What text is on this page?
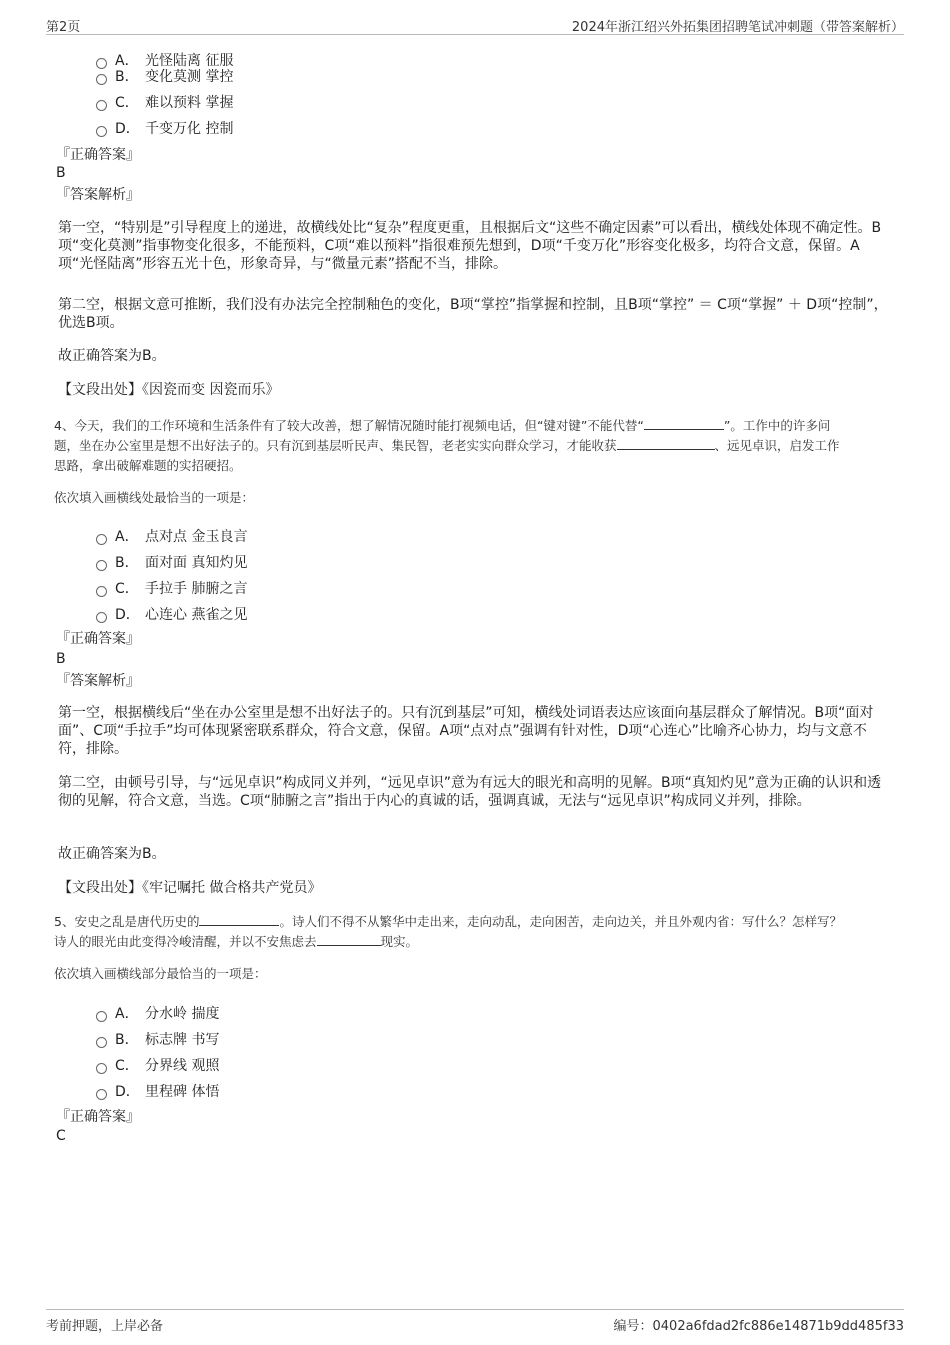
第2页	2024年浙江绍兴外拓集团招聘笔试冲刺题（带答案解析）
A． 光怪陆离 征服
B． 变化莫测 掌控
C． 难以预料 掌握
D． 千变万化 控制
『正确答案』
B
『答案解析』
第一空，“特别是”引导程度上的递进，故横线处比“复杂”程度更重，且根据后文“这些不确定因素”可以看出，横线处体现不确定性。B项“变化莫测”指事物变化很多，不能预料，C项“难以预料”指很难预先想到，D项“千变万化”形容变化极多，均符合文意，保留。A项“光怪陆离”形容五光十色，形象奇异，与“微量元素”搭配不当，排除。
第二空，根据文意可推断，我们没有办法完全控制釉色的变化，B项“掌控”指掌握和控制，且B项“掌控” ＝ C项“掌握” ＋ D项“控制”，优选B项。
故正确答案为B。
【文段出处】《因瓷而变 因瓷而乐》
4、今天，我们的工作环境和生活条件有了较大改善，想了解情况随时能打视频电话，但“键对键”不能代替“	”。工作中的许多问
题，坐在办公室里是想不出好法子的。只有沉到基层听民声、集民智，老老实实向群众学习，才能收获	、远见卓识，启发工作
思路，拿出破解难题的实招硬招。
依次填入画横线处最恰当的一项是：
A． 点对点 金玉良言
B． 面对面 真知灼见
C． 手拉手 肺腑之言
D． 心连心 燕雀之见
『正确答案』
B
『答案解析』
第一空，根据横线后“坐在办公室里是想不出好法子的。只有沉到基层”可知，横线处词语表达应该面向基层群众了解情况。B项“面对面”、C项“手拉手”均可体现紧密联系群众，符合文意，保留。A项“点对点”强调有针对性，D项“心连心”比喻齐心协力，均与文意不符，排除。
第二空，由顿号引导，与“远见卓识”构成同义并列，“远见卓识”意为有远大的眼光和高明的见解。B项“真知灼见”意为正确的认识和透彻的见解，符合文意，当选。C项“肺腑之言”指出于内心的真诚的话，强调真诚，无法与“远见卓识”构成同义并列，排除。
故正确答案为B。
【文段出处】《牢记嘱托 做合格共产党员》
5、安史之乱是唐代历史的	。诗人们不得不从繁华中走出来，走向动乱，走向困苦，走向边关，并且外观内省：写什么？怎样写？
诗人的眼光由此变得冷峻清醒，并以不安焦虑去	现实。
依次填入画横线部分最恰当的一项是：
A． 分水岭 揣度
B． 标志牌 书写
C． 分界线 观照
D． 里程碑 体悟
『正确答案』
C
考前押题，上岸必备	编号：0402a6fdad2fc886e14871b9dd485f33
